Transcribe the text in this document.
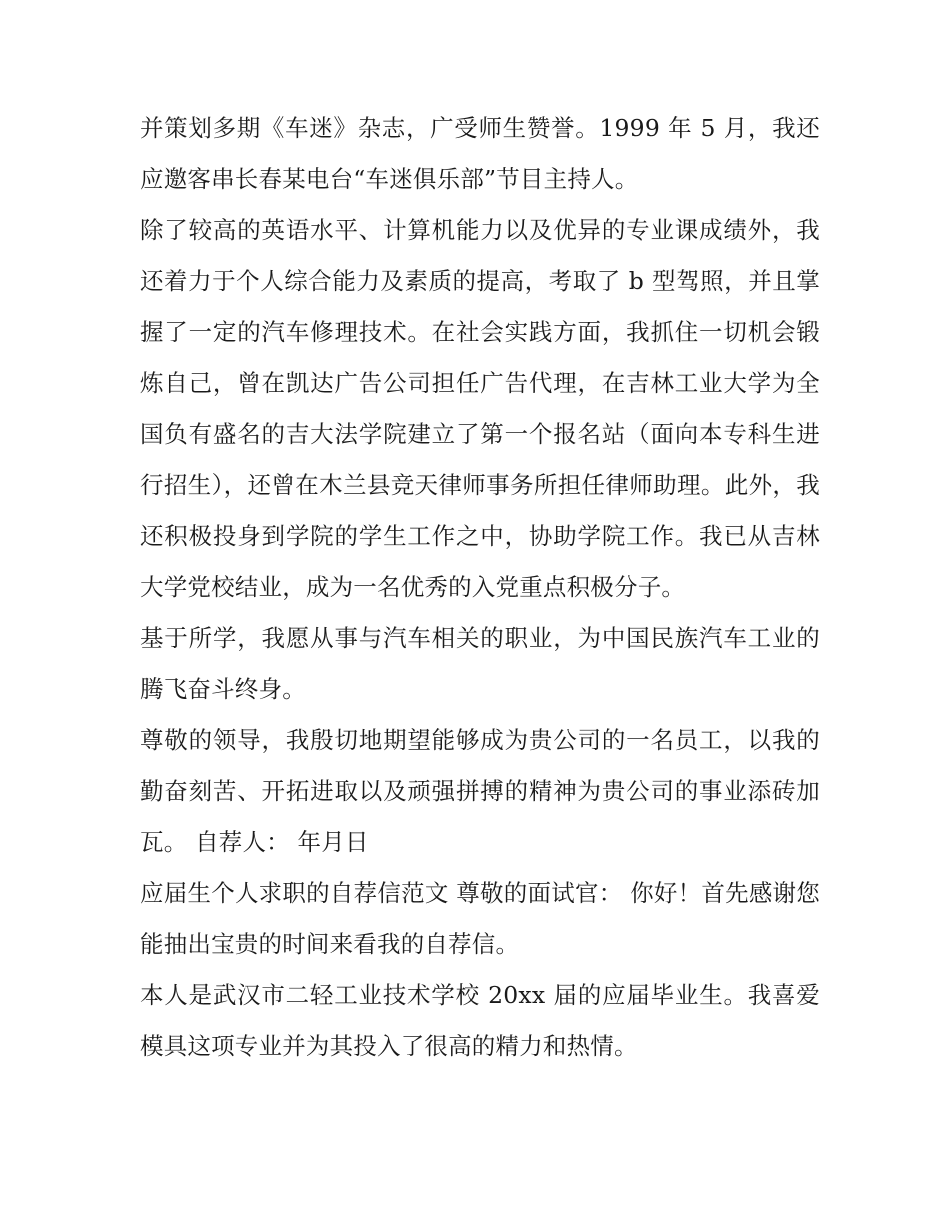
并策划多期《车迷》杂志，广受师生赞誉。1999 年 5 月，我还应邀客串长春某电台“车迷俱乐部”节目主持人。

除了较高的英语水平、计算机能力以及优异的专业课成绩外，我还着力于个人综合能力及素质的提高，考取了 b 型驾照，并且掌握了一定的汽车修理技术。在社会实践方面，我抓住一切机会锻炼自己，曾在凯达广告公司担任广告代理，在吉林工业大学为全国负有盛名的吉大法学院建立了第一个报名站（面向本专科生进行招生），还曾在木兰县竞天律师事务所担任律师助理。此外，我还积极投身到学院的学生工作之中，协助学院工作。我已从吉林大学党校结业，成为一名优秀的入党重点积极分子。

基于所学，我愿从事与汽车相关的职业，为中国民族汽车工业的腾飞奋斗终身。

尊敬的领导，我殷切地期望能够成为贵公司的一名员工，以我的勤奋刻苦、开拓进取以及顽强拼搏的精神为贵公司的事业添砖加瓦。 自荐人： 年月日

应届生个人求职的自荐信范文 尊敬的面试官： 你好！首先感谢您能抽出宝贵的时间来看我的自荐信。

本人是武汉市二轻工业技术学校 20xx 届的应届毕业生。我喜爱模具这项专业并为其投入了很高的精力和热情。
